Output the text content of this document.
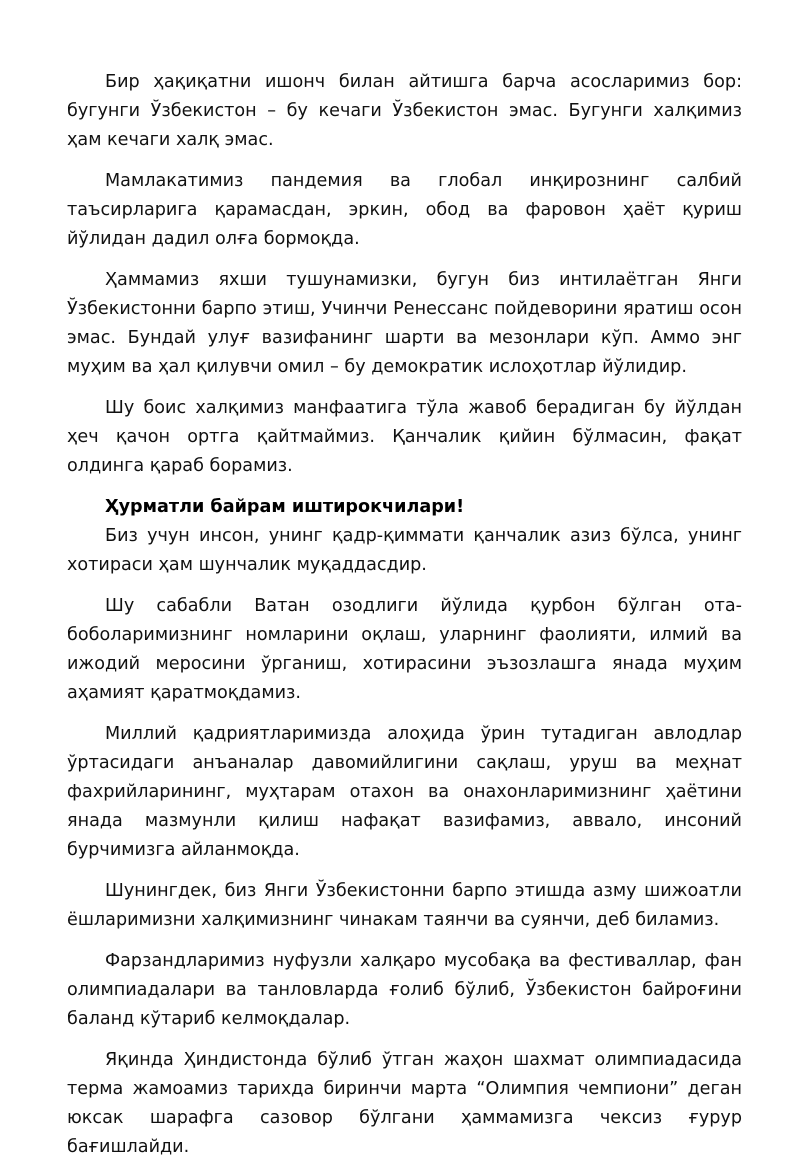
Бир ҳақиқатни ишонч билан айтишга барча асосларимиз бор: бугунги Ўзбекистон – бу кечаги Ўзбекистон эмас. Бугунги халқимиз ҳам кечаги халқ эмас.

Мамлакатимиз пандемия ва глобал инқирознинг салбий таъсирларига қарамасдан, эркин, обод ва фаровон ҳаёт қуриш йўлидан дадил олға бормоқда.

Ҳаммамиз яхши тушунамизки, бугун биз интилаётган Янги Ўзбекистонни барпо этиш, Учинчи Ренессанс пойдеворини яратиш осон эмас. Бундай улуғ вазифанинг шарти ва мезонлари кўп. Аммо энг муҳим ва ҳал қилувчи омил – бу демократик ислоҳотлар йўлидир.

Шу боис халқимиз манфаатига тўла жавоб берадиган бу йўлдан ҳеч қачон ортга қайтмаймиз. Қанчалик қийин бўлмасин, фақат олдинга қараб борамиз.

Ҳурматли байрам иштирокчилари!

Биз учун инсон, унинг қадр-қиммати қанчалик азиз бўлса, унинг хотираси ҳам шунчалик муқаддасдир.

Шу сабабли Ватан озодлиги йўлида қурбон бўлган ота-боболаримизнинг номларини оқлаш, уларнинг фаолияти, илмий ва ижодий меросини ўрганиш, хотирасини эъзозлашга янада муҳим аҳамият қаратмоқдамиз.

Миллий қадриятларимизда алоҳида ўрин тутадиган авлодлар ўртасидаги анъаналар давомийлигини сақлаш, уруш ва меҳнат фахрийларининг, муҳтарам отахон ва онахонларимизнинг ҳаётини янада мазмунли қилиш нафақат вазифамиз, аввало, инсоний бурчимизга айланмоқда.

Шунингдек, биз Янги Ўзбекистонни барпо этишда азму шижоатли ёшларимизни халқимизнинг чинакам таянчи ва суянчи, деб биламиз.

Фарзандларимиз нуфузли халқаро мусобақа ва фестиваллар, фан олимпиадалари ва танловларда ғолиб бўлиб, Ўзбекистон байроғини баланд кўтариб келмоқдалар.

Яқинда Ҳиндистонда бўлиб ўтган жаҳон шахмат олимпиадасида терма жамоамиз тарихда биринчи марта “Олимпия чемпиони” деган юксак шарафга сазовор бўлгани ҳаммамизга чексиз ғурур бағишлайди.
